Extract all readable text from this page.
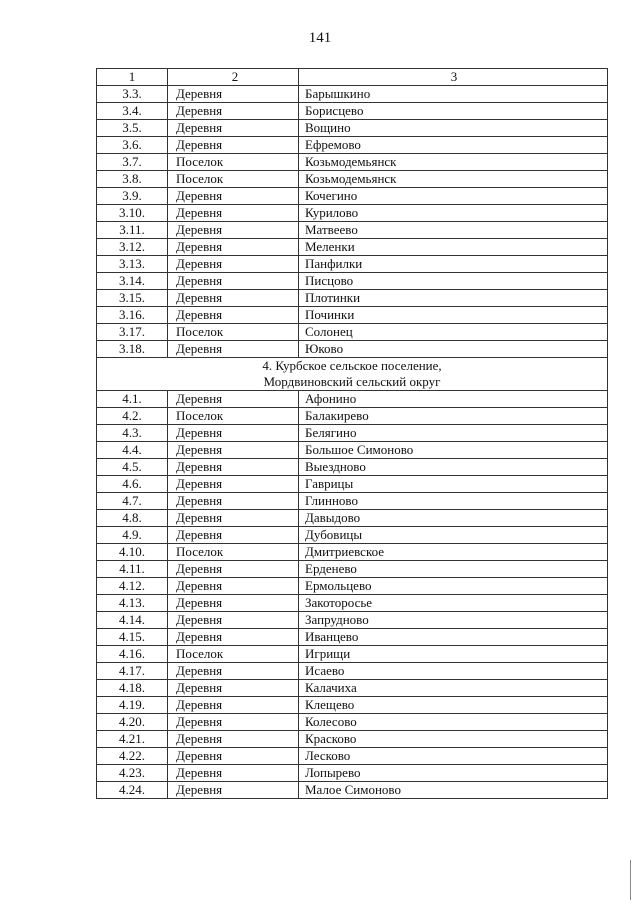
141
1	2	3
3.3.	Деревня	Барышкино
3.4.	Деревня	Борисцево
3.5.	Деревня	Вощино
3.6.	Деревня	Ефремово
3.7.	Поселок	Козьмодемьянск
3.8.	Поселок	Козьмодемьянск
3.9.	Деревня	Кочегино
3.10.	Деревня	Курилово
3.11.	Деревня	Матвеево
3.12.	Деревня	Меленки
3.13.	Деревня	Панфилки
3.14.	Деревня	Писцово
3.15.	Деревня	Плотинки
3.16.	Деревня	Починки
3.17.	Поселок	Солонец
3.18.	Деревня	Юково
4. Курбское сельское поселение,
Мордвиновский сельский округ		
4.1.	Деревня	Афонино
4.2.	Поселок	Балакирево
4.3.	Деревня	Белягино
4.4.	Деревня	Большое Симоново
4.5.	Деревня	Выездново
4.6.	Деревня	Гаврицы
4.7.	Деревня	Глинново
4.8.	Деревня	Давыдово
4.9.	Деревня	Дубовицы
4.10.	Поселок	Дмитриевское
4.11.	Деревня	Ерденево
4.12.	Деревня	Ермольцево
4.13.	Деревня	Закоторосье
4.14.	Деревня	Запрудново
4.15.	Деревня	Иванцево
4.16.	Поселок	Игрищи
4.17.	Деревня	Исаево
4.18.	Деревня	Калачиха
4.19.	Деревня	Клещево
4.20.	Деревня	Колесово
4.21.	Деревня	Красково
4.22.	Деревня	Лесково
4.23.	Деревня	Лопырево
4.24.	Деревня	Малое Симоново
